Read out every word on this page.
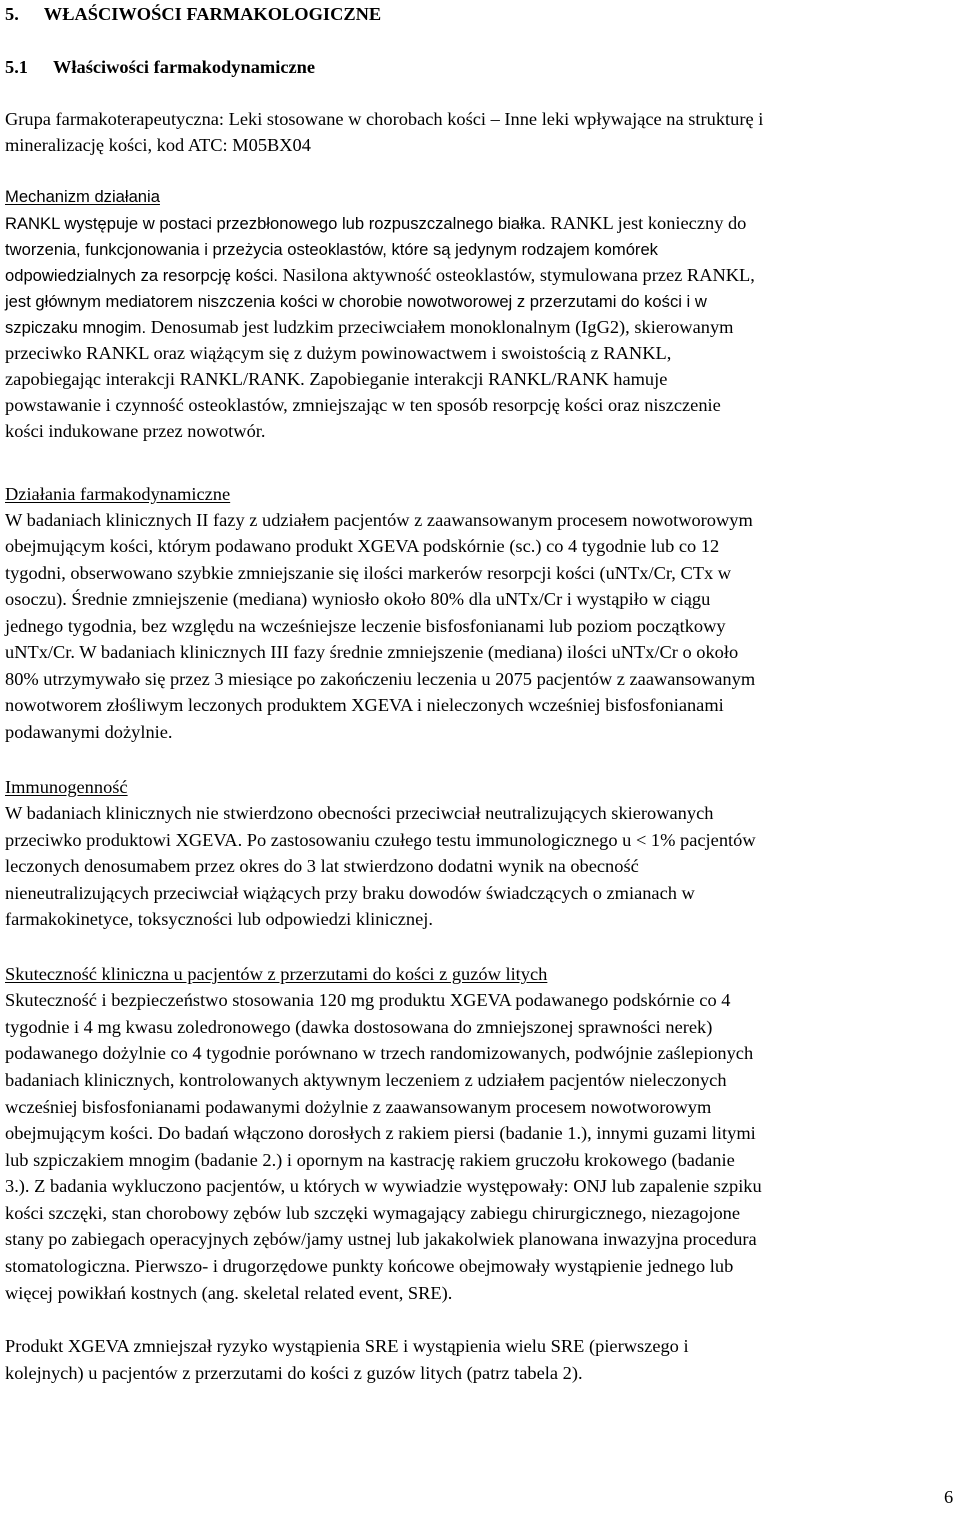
5. WŁAŚCIWOŚCI FARMAKOLOGICZNE
5.1 Właściwości farmakodynamiczne
Grupa farmakoterapeutyczna: Leki stosowane w chorobach kości – Inne leki wpływające na strukturę i
mineralizację kości, kod ATC: M05BX04
Mechanizm działania
RANKL występuje w postaci przezbłonowego lub rozpuszczalnego białka. RANKL jest konieczny do
tworzenia, funkcjonowania i przeżycia osteoklastów, które są jedynym rodzajem komórek
odpowiedzialnych za resorpcję kości. Nasilona aktywność osteoklastów, stymulowana przez RANKL,
jest głównym mediatorem niszczenia kości w chorobie nowotworowej z przerzutami do kości i w
szpiczaku mnogim. Denosumab jest ludzkim przeciwciałem monoklonalnym (IgG2), skierowanym
przeciwko RANKL oraz wiążącym się z dużym powinowactwem i swoistością z RANKL,
zapobiegając interakcji RANKL/RANK. Zapobieganie interakcji RANKL/RANK hamuje
powstawanie i czynność osteoklastów, zmniejszając w ten sposób resorpcję kości oraz niszczenie
kości indukowane przez nowotwór.
Działania farmakodynamiczne
W badaniach klinicznych II fazy z udziałem pacjentów z zaawansowanym procesem nowotworowym
obejmującym kości, którym podawano produkt XGEVA podskórnie (sc.) co 4 tygodnie lub co 12
tygodni, obserwowano szybkie zmniejszanie się ilości markerów resorpcji kości (uNTx/Cr, CTx w
osoczu). Średnie zmniejszenie (mediana) wyniosło około 80% dla uNTx/Cr i wystąpiło w ciągu
jednego tygodnia, bez względu na wcześniejsze leczenie bisfosfonianami lub poziom początkowy
uNTx/Cr. W badaniach klinicznych III fazy średnie zmniejszenie (mediana) ilości uNTx/Cr o około
80% utrzymywało się przez 3 miesiące po zakończeniu leczenia u 2075 pacjentów z zaawansowanym
nowotworem złośliwym leczonych produktem XGEVA i nieleczonych wcześniej bisfosfonianami
podawanymi dożylnie.
Immunogenność
W badaniach klinicznych nie stwierdzono obecności przeciwciał neutralizujących skierowanych
przeciwko produktowi XGEVA. Po zastosowaniu czułego testu immunologicznego u < 1% pacjentów
leczonych denosumabem przez okres do 3 lat stwierdzono dodatni wynik na obecność
nieneutralizujących przeciwciał wiążących przy braku dowodów świadczących o zmianach w
farmakokinetyce, toksyczności lub odpowiedzi klinicznej.
Skuteczność kliniczna u pacjentów z przerzutami do kości z guzów litych
Skuteczność i bezpieczeństwo stosowania 120 mg produktu XGEVA podawanego podskórnie co 4
tygodnie i 4 mg kwasu zoledronowego (dawka dostosowana do zmniejszonej sprawności nerek)
podawanego dożylnie co 4 tygodnie porównano w trzech randomizowanych, podwójnie zaślepionych
badaniach klinicznych, kontrolowanych aktywnym leczeniem z udziałem pacjentów nieleczonych
wcześniej bisfosfonianami podawanymi dożylnie z zaawansowanym procesem nowotworowym
obejmującym kości. Do badań włączono dorosłych z rakiem piersi (badanie 1.), innymi guzami litymi
lub szpiczakiem mnogim (badanie 2.) i opornym na kastrację rakiem gruczołu krokowego (badanie
3.). Z badania wykluczono pacjentów, u których w wywiadzie występowały: ONJ lub zapalenie szpiku
kości szczęki, stan chorobowy zębów lub szczęki wymagający zabiegu chirurgicznego, niezagojone
stany po zabiegach operacyjnych zębów/jamy ustnej lub jakakolwiek planowana inwazyjna procedura
stomatologiczna. Pierwszo- i drugorzędowe punkty końcowe obejmowały wystąpienie jednego lub
więcej powikłań kostnych (ang. skeletal related event, SRE).
Produkt XGEVA zmniejszał ryzyko wystąpienia SRE i wystąpienia wielu SRE (pierwszego i
kolejnych) u pacjentów z przerzutami do kości z guzów litych (patrz tabela 2).
6
